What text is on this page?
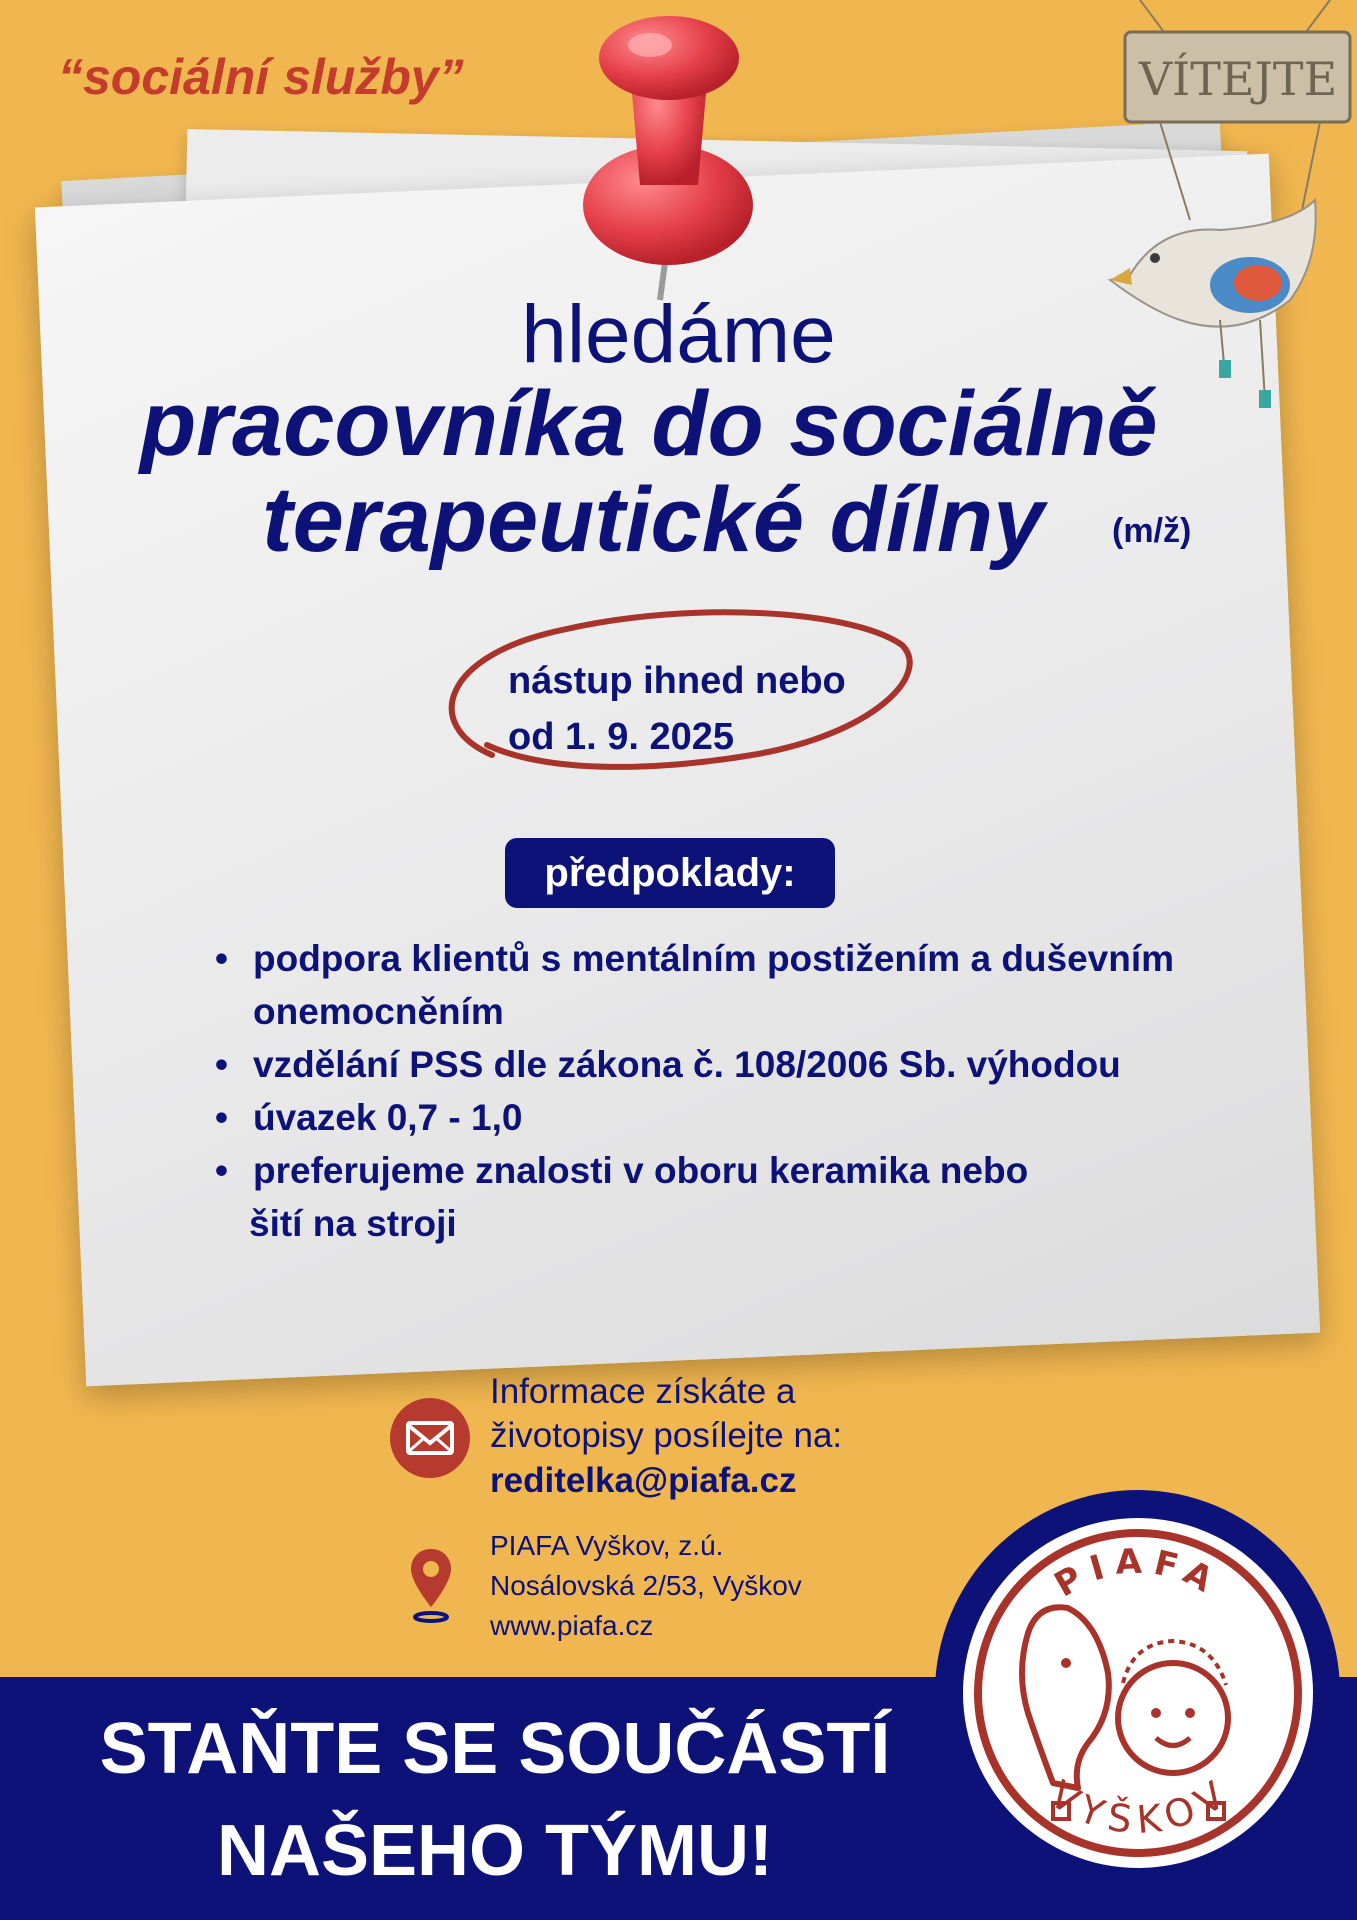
“sociální služby”	VÍTEJTE
hledáme
pracovníka do sociálně
terapeutické dílny (m/ž)
nástup ihned nebo
od 1. 9. 2025
předpoklady:
• podpora klientů s mentálním postižením a duševním
onemocněním
• vzdělání PSS dle zákona č. 108/2006 Sb. výhodou
• úvazek 0,7 - 1,0
• preferujeme znalosti v oboru keramika nebo
šití na stroji
Informace získáte a
životopisy posílejte na:
reditelka@piafa.cz
PIAFA Vyškov, z.ú.
Nosálovská 2/53, Vyškov
www.piafa.cz
STAŇTE SE SOUČÁSTÍ
NAŠEHO TÝMU!
PIAFA
VYŠKOV
